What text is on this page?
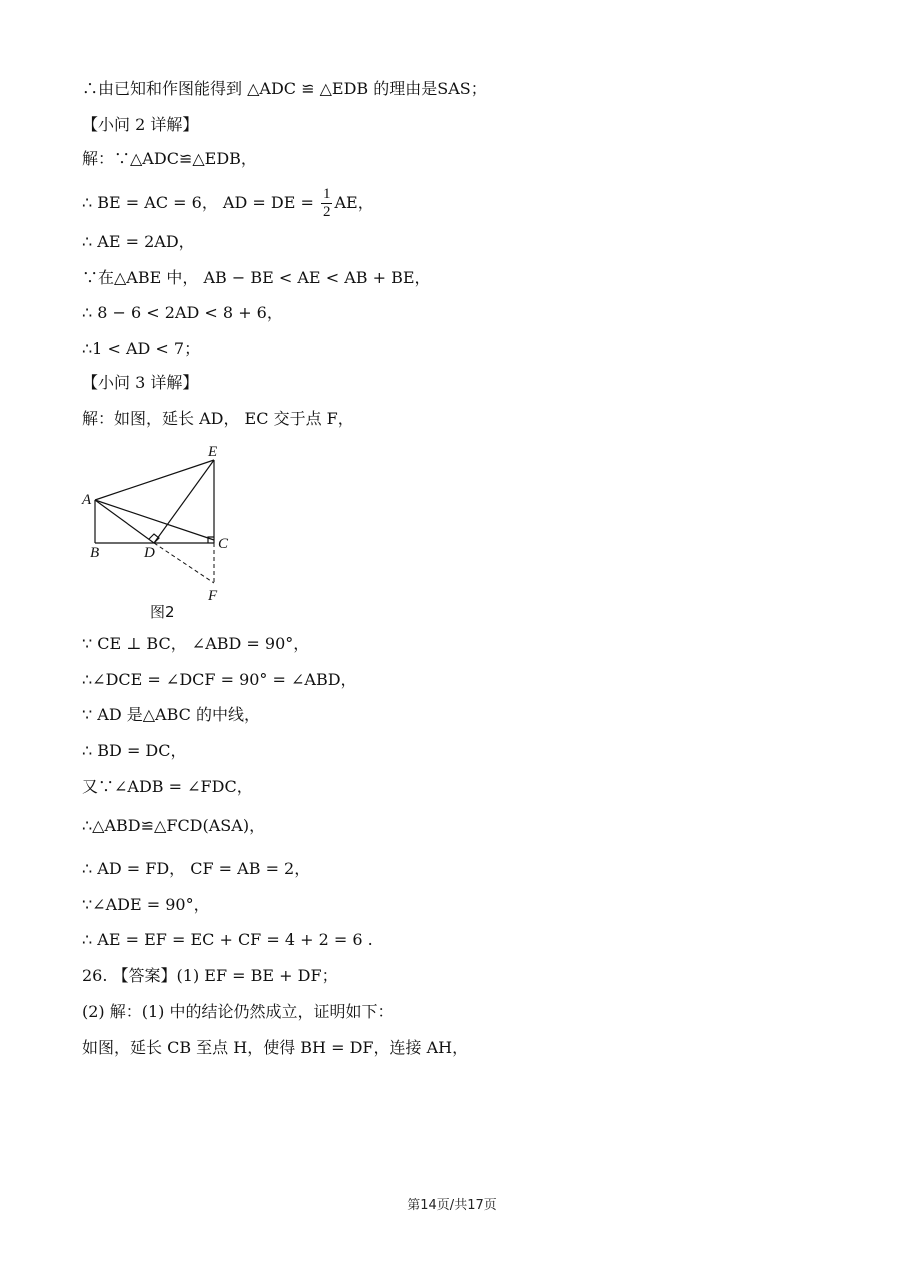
∴由已知和作图能得到 △ADC ≌ △EDB 的理由是SAS；
【小问 2 详解】
解：∵△ADC≌△EDB，
∴ BE = AC = 6， AD = DE = $\frac{1}{2}$ AE，
∴ AE = 2AD，
∵在△ABE 中， AB − BE < AE < AB + BE，
∴ 8 − 6 < 2AD < 8 + 6，
∴1 < AD < 7；
【小问 3 详解】
解：如图，延长 AD， EC 交于点 F，
E
A
B	D
C
F
图2
∵ CE ⊥ BC， ∠ABD = 90°，
∴∠DCE = ∠DCF = 90° = ∠ABD，
∵ AD 是△ABC 的中线，
∴ BD = DC，
又∵∠ADB = ∠FDC，
∴△ABD≌△FCD(ASA)，
∴ AD = FD， CF = AB = 2，
∵∠ADE = 90°，
∴ AE = EF = EC + CF = 4 + 2 = 6 .
26. 【答案】(1) EF = BE + DF；
(2) 解：(1) 中的结论仍然成立，证明如下：
如图，延长 CB 至点 H，使得 BH = DF，连接 AH，
第14页/共17页
